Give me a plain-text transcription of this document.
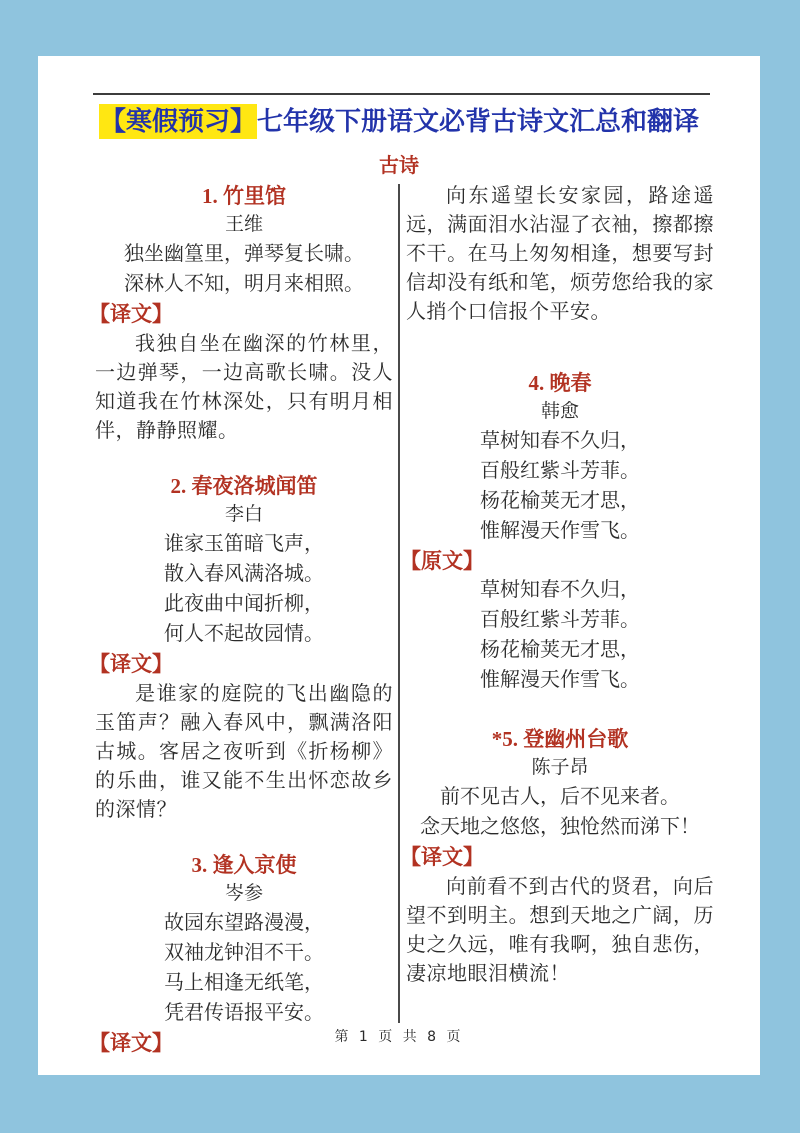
【寒假预习】七年级下册语文必背古诗文汇总和翻译
古诗

1. 竹里馆

王维

独坐幽篁里，弹琴复长啸。

深林人不知，明月来相照。

【译文】

我独自坐在幽深的竹林里，一边弹琴，一边高歌长啸。没人知道我在竹林深处，只有明月相伴，静静照耀。

2. 春夜洛城闻笛

李白

谁家玉笛暗飞声，

散入春风满洛城。

此夜曲中闻折柳，

何人不起故园情。

【译文】

是谁家的庭院的飞出幽隐的玉笛声？融入春风中，飘满洛阳古城。客居之夜听到《折杨柳》的乐曲，谁又能不生出怀恋故乡的深情？

3. 逢入京使

岑参

故园东望路漫漫，

双袖龙钟泪不干。

马上相逢无纸笔，

凭君传语报平安。

【译文】

向东遥望长安家园，路途遥远，满面泪水沾湿了衣袖，擦都擦不干。在马上匆匆相逢，想要写封信却没有纸和笔，烦劳您给我的家人捎个口信报个平安。

4. 晚春

韩愈

草树知春不久归，

百般红紫斗芳菲。

杨花榆荚无才思，

惟解漫天作雪飞。

【原文】

草树知春不久归，

百般红紫斗芳菲。

杨花榆荚无才思，

惟解漫天作雪飞。

*5. 登幽州台歌

陈子昂

前不见古人，后不见来者。

念天地之悠悠，独怆然而涕下！

【译文】

向前看不到古代的贤君，向后望不到明主。想到天地之广阔，历史之久远，唯有我啊，独自悲伤，凄凉地眼泪横流！

第 1 页 共 8 页
